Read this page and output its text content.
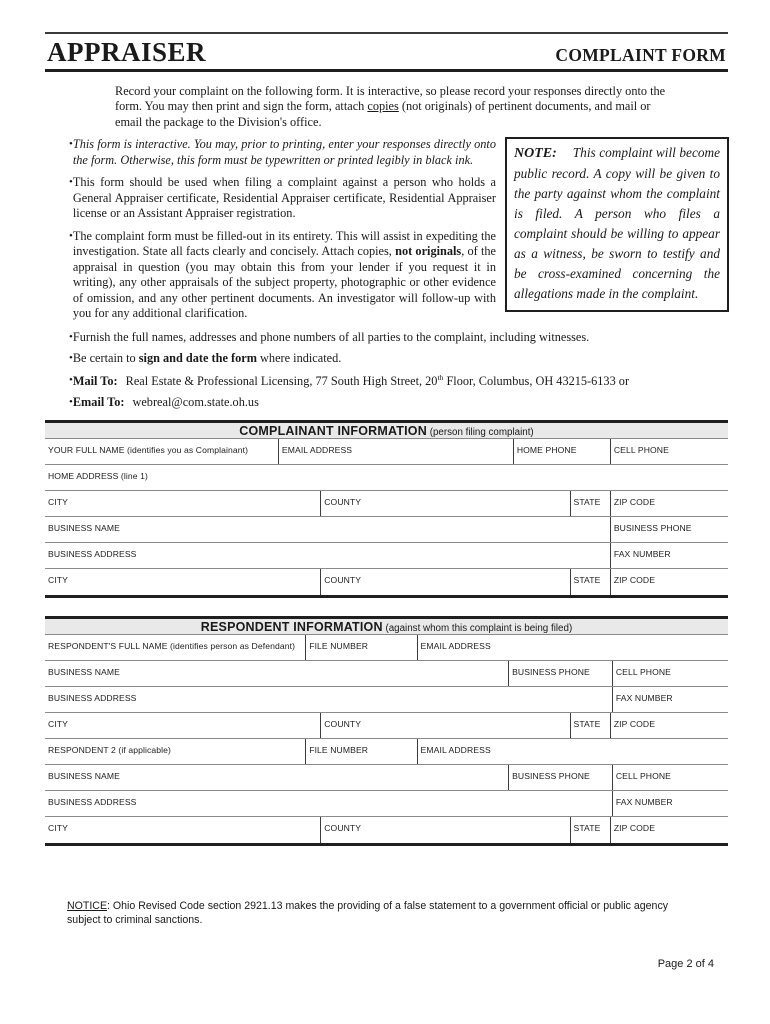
APPRAISER	COMPLAINT FORM

Record your complaint on the following form. It is interactive, so please record your responses directly onto the form. You may then print and sign the form, attach copies (not originals) of pertinent documents, and mail or email the package to the Division's office.

• This form is interactive. You may, prior to printing, enter your responses directly onto the form. Otherwise, this form must be typewritten or printed legibly in black ink.
• This form should be used when filing a complaint against a person who holds a General Appraiser certificate, Residential Appraiser certificate, Residential Appraiser license or an Assistant Appraiser registration.
• The complaint form must be filled-out in its entirety. This will assist in expediting the investigation. State all facts clearly and concisely. Attach copies, not originals, of the appraisal in question (you may obtain this from your lender if you request it in writing), any other appraisals of the subject property, photographic or other evidence of omission, and any other pertinent documents. An investigator will follow-up with you for any additional clarification.
NOTE: This complaint will become public record. A copy will be given to the party against whom the complaint is filed. A person who files a complaint should be willing to appear as a witness, be sworn to testify and be cross-examined concerning the allegations made in the complaint.
• Furnish the full names, addresses and phone numbers of all parties to the complaint, including witnesses.
• Be certain to sign and date the form where indicated.
• Mail To: Real Estate & Professional Licensing, 77 South High Street, 20th Floor, Columbus, OH 43215-6133 or
• Email To: webreal@com.state.oh.us
COMPLAINANT INFORMATION (person filing complaint)
YOUR FULL NAME (identifies you as Complainant)	EMAIL ADDRESS	HOME PHONE	CELL PHONE
HOME ADDRESS (line 1)
CITY	COUNTY	STATE	ZIP CODE
BUSINESS NAME	BUSINESS PHONE
BUSINESS ADDRESS	FAX NUMBER
CITY	COUNTY	STATE	ZIP CODE
RESPONDENT INFORMATION (against whom this complaint is being filed)
RESPONDENT'S FULL NAME (identifies person as Defendant)	FILE NUMBER	EMAIL ADDRESS
BUSINESS NAME	BUSINESS PHONE	CELL PHONE
BUSINESS ADDRESS	FAX NUMBER
CITY	COUNTY	STATE	ZIP CODE
RESPONDENT 2 (if applicable)	FILE NUMBER	EMAIL ADDRESS
BUSINESS NAME	BUSINESS PHONE	CELL PHONE
BUSINESS ADDRESS	FAX NUMBER
CITY	COUNTY	STATE	ZIP CODE

NOTICE: Ohio Revised Code section 2921.13 makes the providing of a false statement to a government official or public agency subject to criminal sanctions.

Page 2 of 4
